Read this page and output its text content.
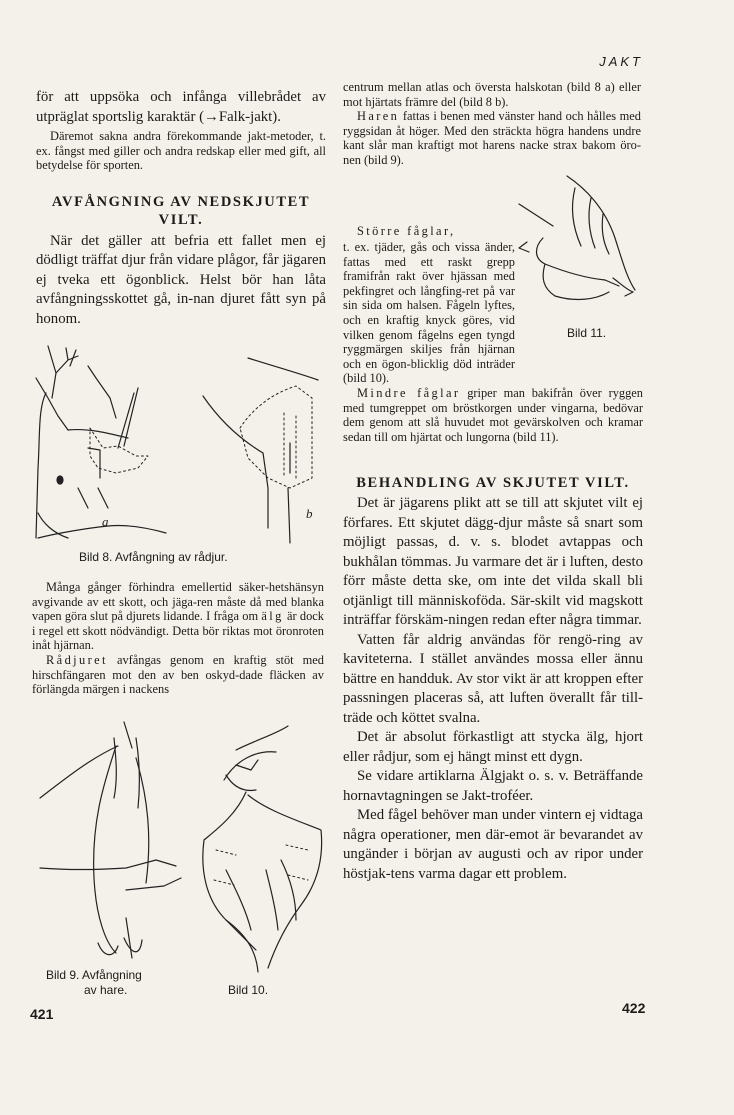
JAKT

för att uppsöka och infånga villebrådet av utpräglat sportslig karaktär (→Falk-jakt).

Däremot sakna andra förekommande jakt-metoder, t. ex. fångst med giller och andra redskap eller med gift, all betydelse för sporten.

AVFÅNGNING AV NEDSKJUTET VILT.

När det gäller att befria ett fallet men ej dödligt träffat djur från vidare plågor, får jägaren ej tveka ett ögonblick. Helst bör han låta avfångningsskottet gå, in-nan djuret fått syn på honom.

a
b
Bild 8. Avfångning av rådjur.

Många gånger förhindra emellertid säker-hetshänsyn avgivande av ett skott, och jäga-ren måste då med blanka vapen göra slut på djurets lidande. I fråga om älg är dock i regel ett skott nödvändigt. Detta bör riktas mot öronroten inåt hjärnan.

Rådjuret avfångas genom en kraftig stöt med hirschfängaren mot den av ben oskyd-dade fläcken av förlängda märgen i nackens

Bild 9. Avfångning
av hare.	Bild 10.
421

centrum mellan atlas och översta halskotan (bild 8 a) eller mot hjärtats främre del (bild 8 b).

Haren fattas i benen med vänster hand och hålles med ryggsidan åt höger. Med den sträckta högra handens undre kant slår man kraftigt mot harens nacke strax bakom öro-nen (bild 9).

Större fåglar,

Bild 11.

t. ex. tjäder, gås och vissa änder, fattas med ett raskt grepp framifrån rakt över hjässan med pekfingret och långfing-ret på var sin sida om halsen. Fågeln lyftes, och en kraftig knyck göres, vid vilken genom fågelns egen tyngd ryggmärgen skiljes från hjärnan och en ögon-blicklig död inträder (bild 10).

Mindre fåglar griper man bakifrån över ryggen med tumgreppet om bröstkorgen under vingarna, bedövar dem genom att slå huvudet mot gevärskolven och kramar sedan till om hjärtat och lungorna (bild 11).

BEHANDLING AV SKJUTET VILT.

Det är jägarens plikt att se till att skjutet vilt ej förfares. Ett skjutet dägg-djur måste så snart som möjligt passas, d. v. s. blodet avtappas och bukhålan tömmas. Ju varmare det är i luften, desto förr måste detta ske, om inte det vilda skall bli otjänligt till människoföda. Sär-skilt vid magskott inträffar förskäm-ningen redan efter några timmar.

Vatten får aldrig användas för rengö-ring av kaviteterna. I stället användes mossa eller ännu bättre en handduk. Av stor vikt är att kroppen efter passningen placeras så, att luften överallt får till-träde och köttet svalna.

Det är absolut förkastligt att stycka älg, hjort eller rådjur, som ej hängt minst ett dygn.

Se vidare artiklarna Älgjakt o. s. v. Beträffande hornavtagningen se Jakt-troféer.

Med fågel behöver man under vintern ej vidtaga några operationer, men där-emot är bevarandet av ungänder i början av augusti och av ripor under höstjak-tens varma dagar ett problem.

422
